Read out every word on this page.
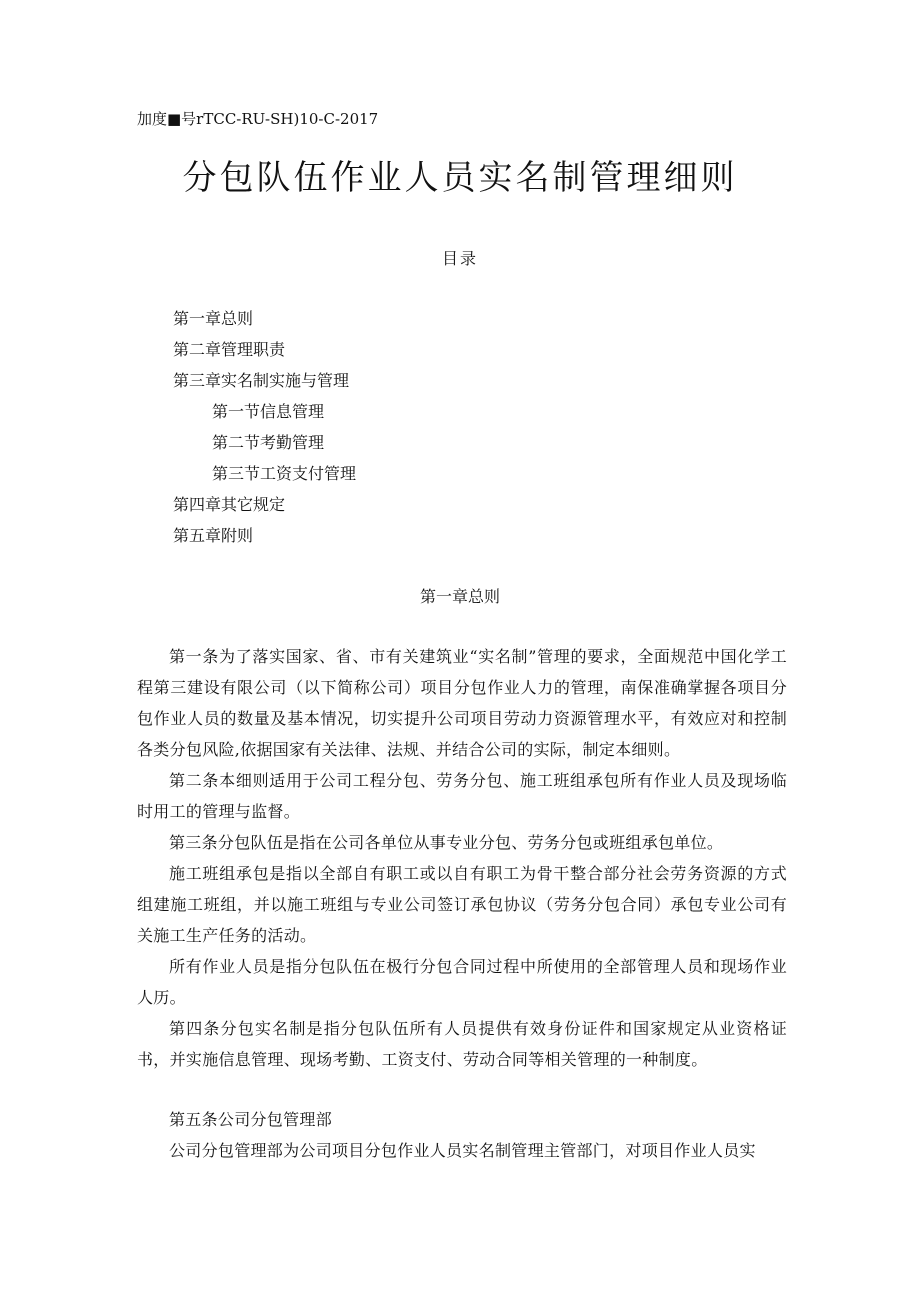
加度■号rTCC-RU-SH)10-C-2017
分包队伍作业人员实名制管理细则
目录
第一章总则
第二章管理职责
第三章实名制实施与管理
第一节信息管理
第二节考勤管理
第三节工资支付管理
第四章其它规定
第五章附则
第一章总则
第一条为了落实国家、省、市有关建筑业“实名制”管理的要求，全面规范中国化学工程第三建设有限公司（以下简称公司）项目分包作业人力的管理，南保准确掌握各项目分包作业人员的数量及基本情况，切实提升公司项目劳动力资源管理水平，有效应对和控制各类分包风险,依据国家有关法律、法规、并结合公司的实际，制定本细则。
第二条本细则适用于公司工程分包、劳务分包、施工班组承包所有作业人员及现场临时用工的管理与监督。
第三条分包队伍是指在公司各单位从事专业分包、劳务分包或班组承包单位。
施工班组承包是指以全部自有职工或以自有职工为骨干整合部分社会劳务资源的方式组建施工班组，并以施工班组与专业公司签订承包协议（劳务分包合同）承包专业公司有关施工生产任务的活动。
所有作业人员是指分包队伍在极行分包合同过程中所使用的全部管理人员和现场作业人历。
第四条分包实名制是指分包队伍所有人员提供有效身份证件和国家规定从业资格证书，并实施信息管理、现场考勤、工资支付、劳动合同等相关管理的一种制度。
第五条公司分包管理部
公司分包管理部为公司项目分包作业人员实名制管理主管部门，对项目作业人员实
